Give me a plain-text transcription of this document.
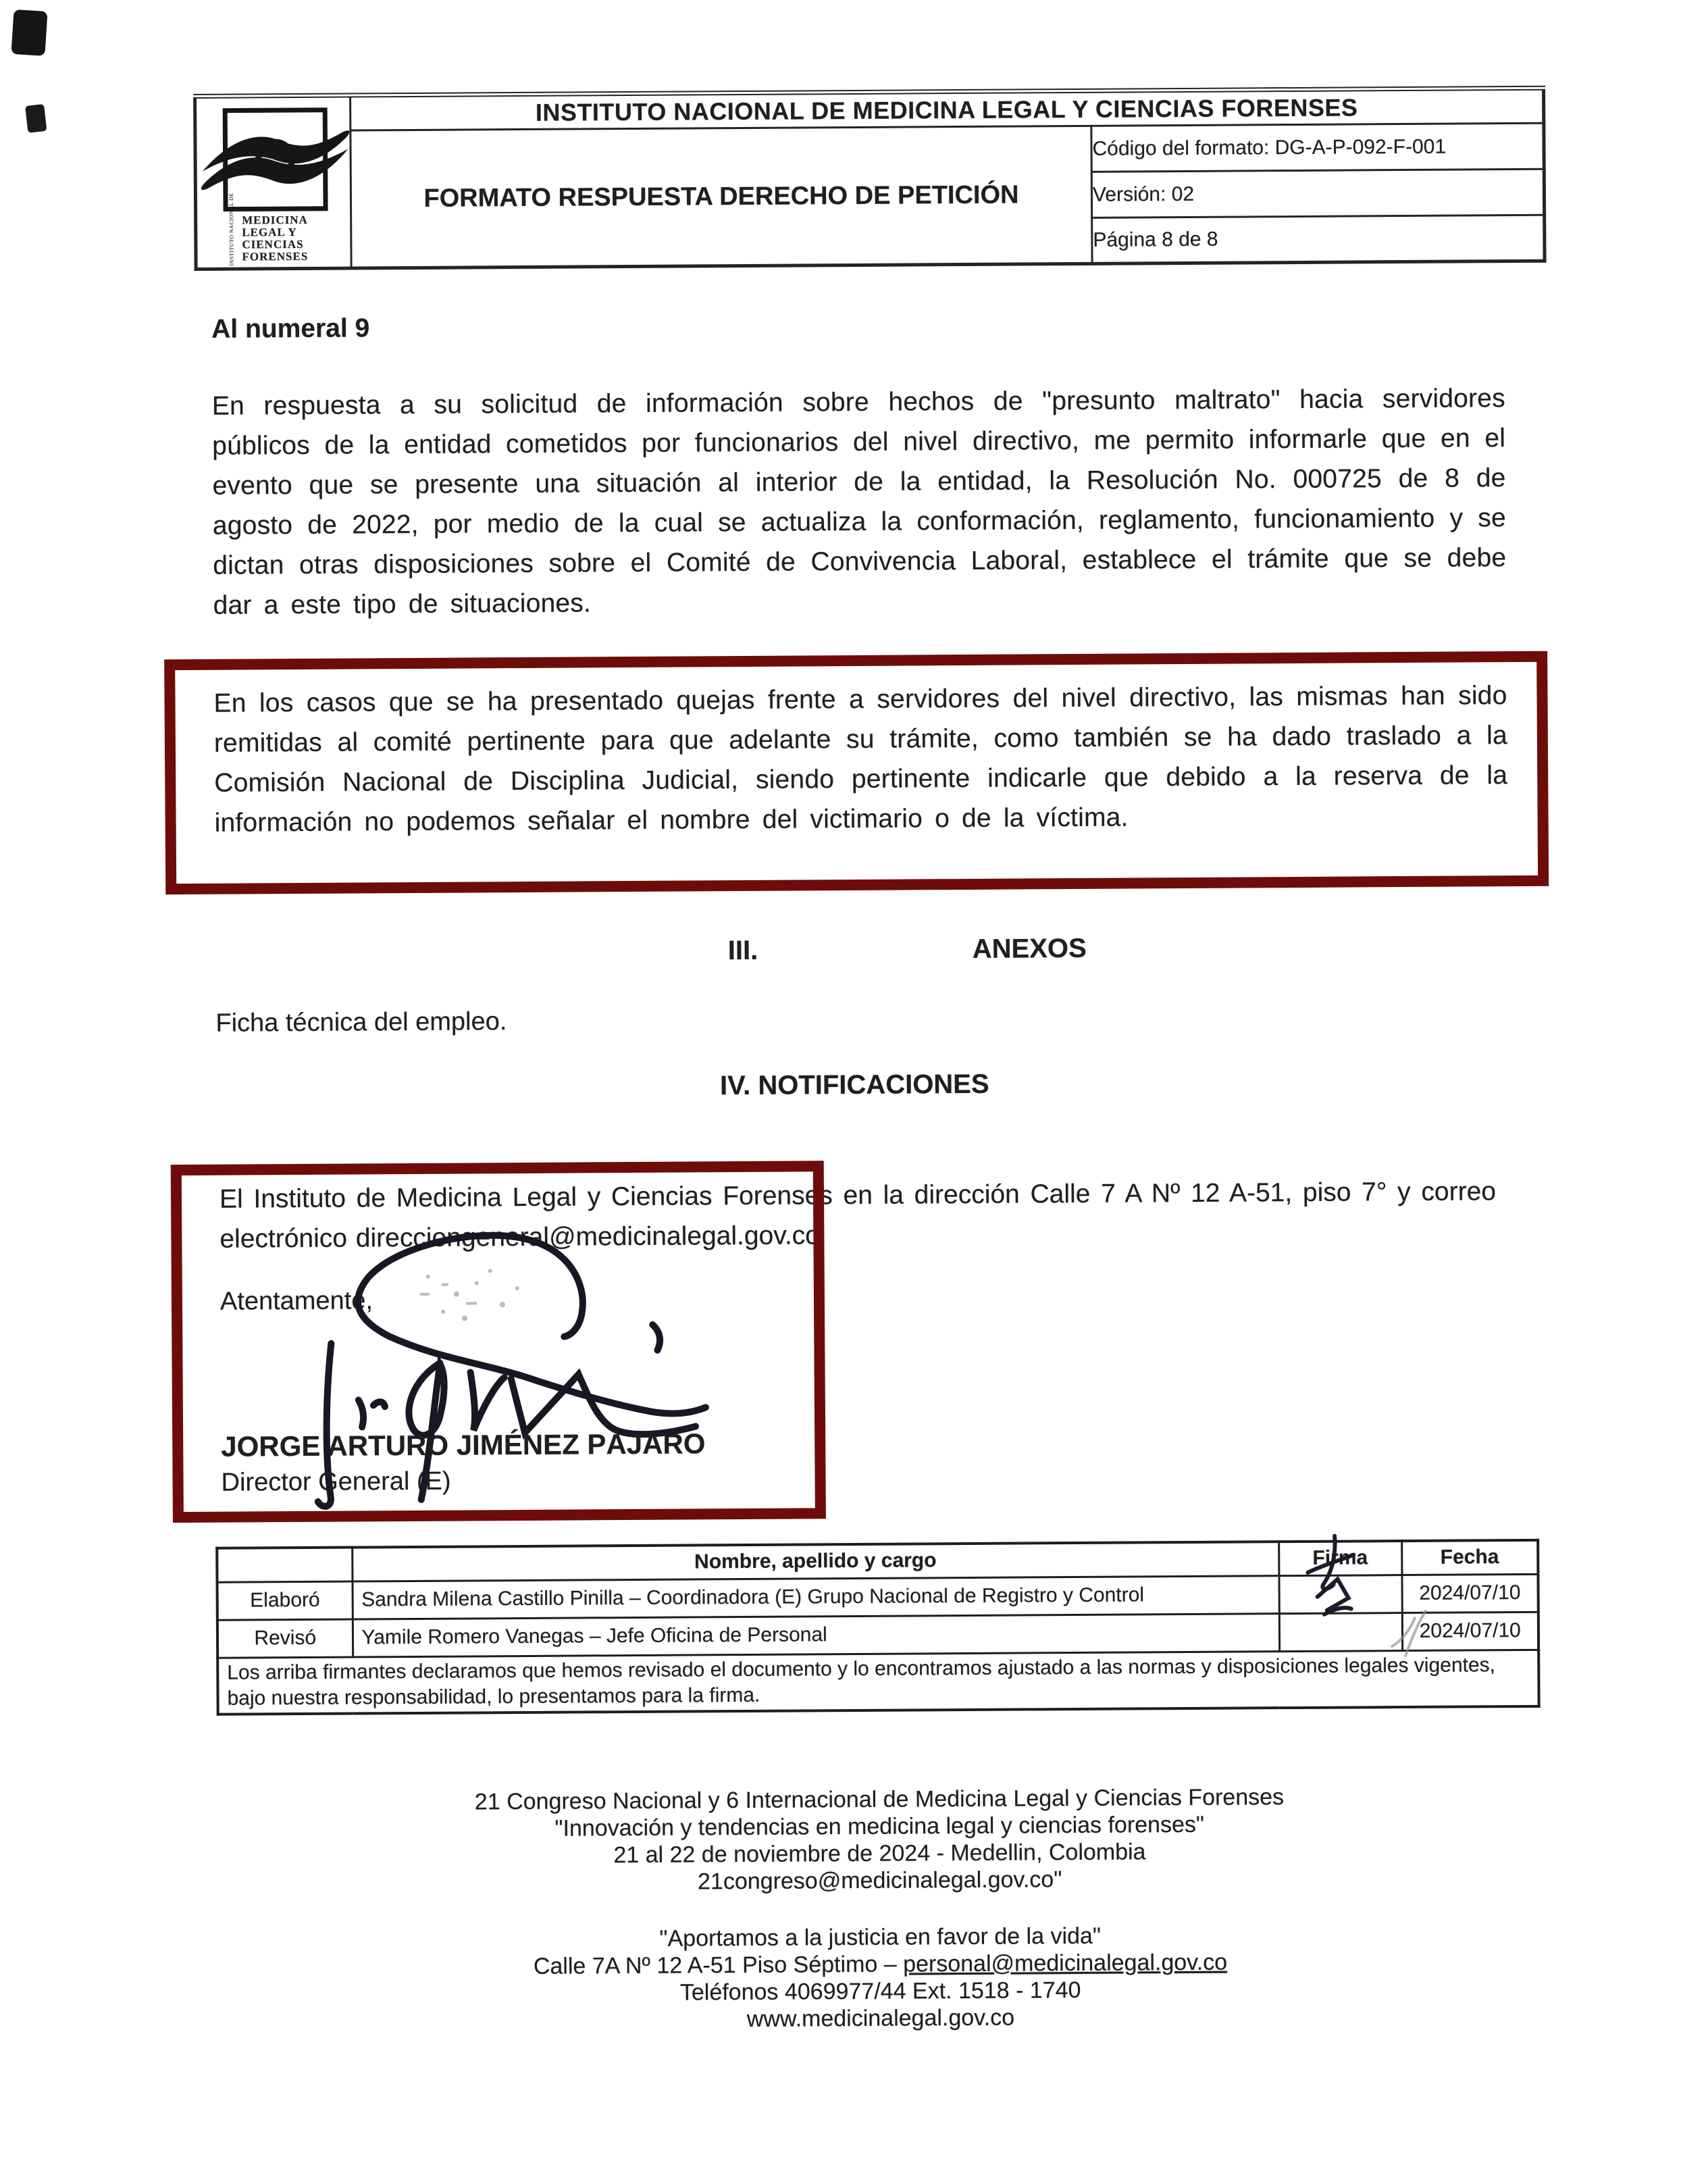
INSTITUTO NACIONAL DE MEDICINA
LEGAL Y
CIENCIAS
FORENSES	INSTITUTO NACIONAL DE MEDICINA LEGAL Y CIENCIAS FORENSES	
	FORMATO RESPUESTA DERECHO DE PETICIÓN	Código del formato: DG-A-P-092-F-001
		Versión: 02
		Página 8 de 8
Al numeral 9
En respuesta a su solicitud de información sobre hechos de "presunto maltrato" hacia servidores públicos de la entidad cometidos por funcionarios del nivel directivo, me permito informarle que en el evento que se presente una situación al interior de la entidad, la Resolución No. 000725 de 8 de agosto de 2022, por medio de la cual se actualiza la conformación, reglamento, funcionamiento y se dictan otras disposiciones sobre el Comité de Convivencia Laboral, establece el trámite que se debe dar a este tipo de situaciones.
En los casos que se ha presentado quejas frente a servidores del nivel directivo, las mismas han sido remitidas al comité pertinente para que adelante su trámite, como también se ha dado traslado a la Comisión Nacional de Disciplina Judicial, siendo pertinente indicarle que debido a la reserva de la información no podemos señalar el nombre del victimario o de la víctima.
III.	ANEXOS
Ficha técnica del empleo.
IV. NOTIFICACIONES
El Instituto de Medicina Legal y Ciencias Forenses en la dirección Calle 7 A Nº 12 A-51, piso 7° y correo electrónico direcciongeneral@medicinalegal.gov.co
Atentamente,
JORGE ARTURO JIMÉNEZ PÁJARO
Director General (E)
	Nombre, apellido y cargo	Firma	Fecha
Elaboró	Sandra Milena Castillo Pinilla – Coordinadora (E) Grupo Nacional de Registro y Control		2024/07/10
Revisó	Yamile Romero Vanegas – Jefe Oficina de Personal		2024/07/10
Los arriba firmantes declaramos que hemos revisado el documento y lo encontramos ajustado a las normas y disposiciones legales vigentes, bajo nuestra responsabilidad, lo presentamos para la firma.			
21 Congreso Nacional y 6 Internacional de Medicina Legal y Ciencias Forenses
"Innovación y tendencias en medicina legal y ciencias forenses"
21 al 22 de noviembre de 2024 - Medellin, Colombia
21congreso@medicinalegal.gov.co"
"Aportamos a la justicia en favor de la vida"
Calle 7A Nº 12 A-51 Piso Séptimo – personal@medicinalegal.gov.co
Teléfonos 4069977/44 Ext. 1518 - 1740
www.medicinalegal.gov.co
